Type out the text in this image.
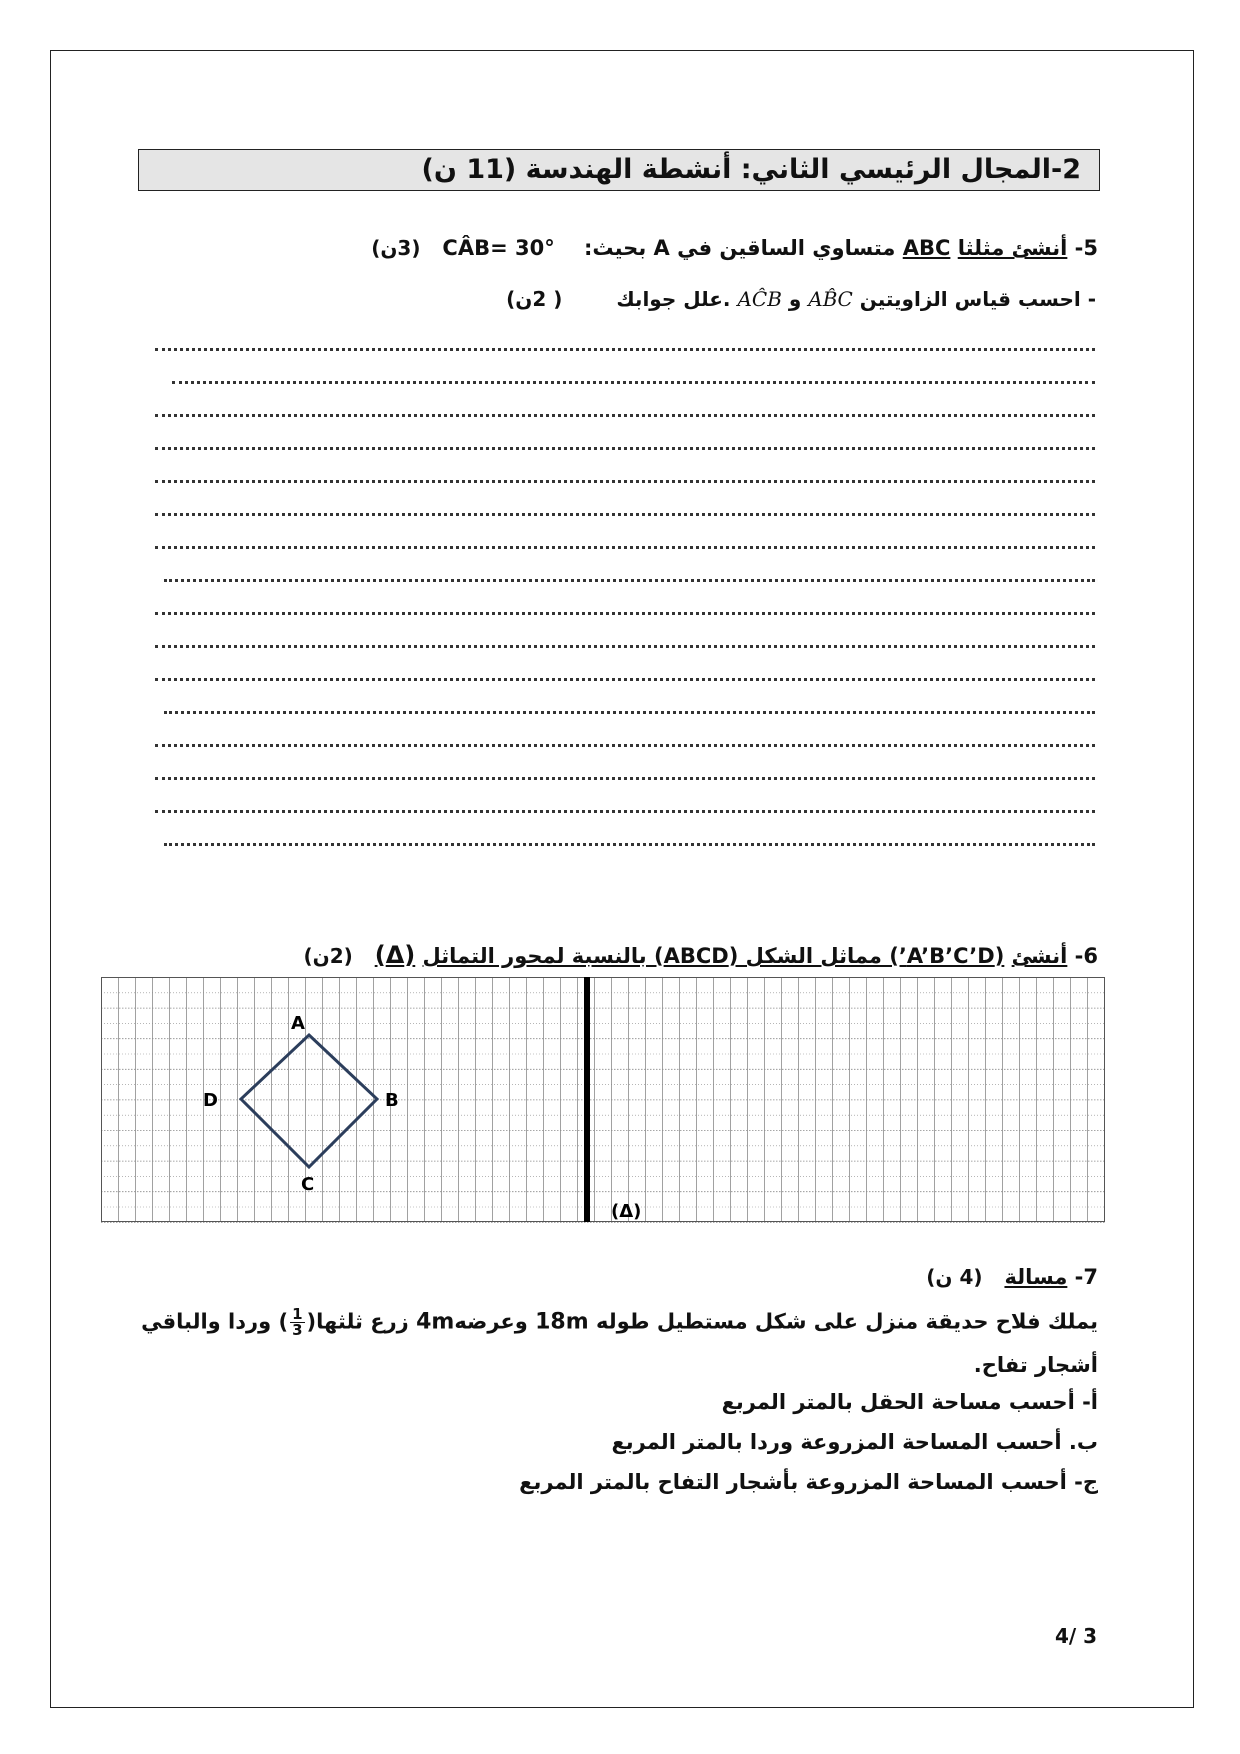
2-المجال الرئيسي الثاني: أنشطة الهندسة (11 ن)
5- أنشئ مثلثا ABC متساوي الساقين في A بحيث:    CÂB= 30°   (3ن)
- احسب قياس الزاويتين AB̂C و AĈB .علل جوابك  ( 2ن)
6- أنشئ (A’B’C’D’) مماثل الشكل (ABCD) بالنسبة لمحور التماثل (Δ)   (2ن)
A
B
C
D
(Δ)
7- مسالة   (4 ن)
يملك فلاح حديقة منزل على شكل مستطيل طوله 18m وعرضه4m زرع ثلثها( $\frac{1}{3}$ ) وردا والباقي
أشجار تفاح.
أ- أحسب مساحة الحقل بالمتر المربع
ب. أحسب المساحة المزروعة وردا بالمتر المربع
ج- أحسب المساحة المزروعة بأشجار التفاح بالمتر المربع
4/ 3
